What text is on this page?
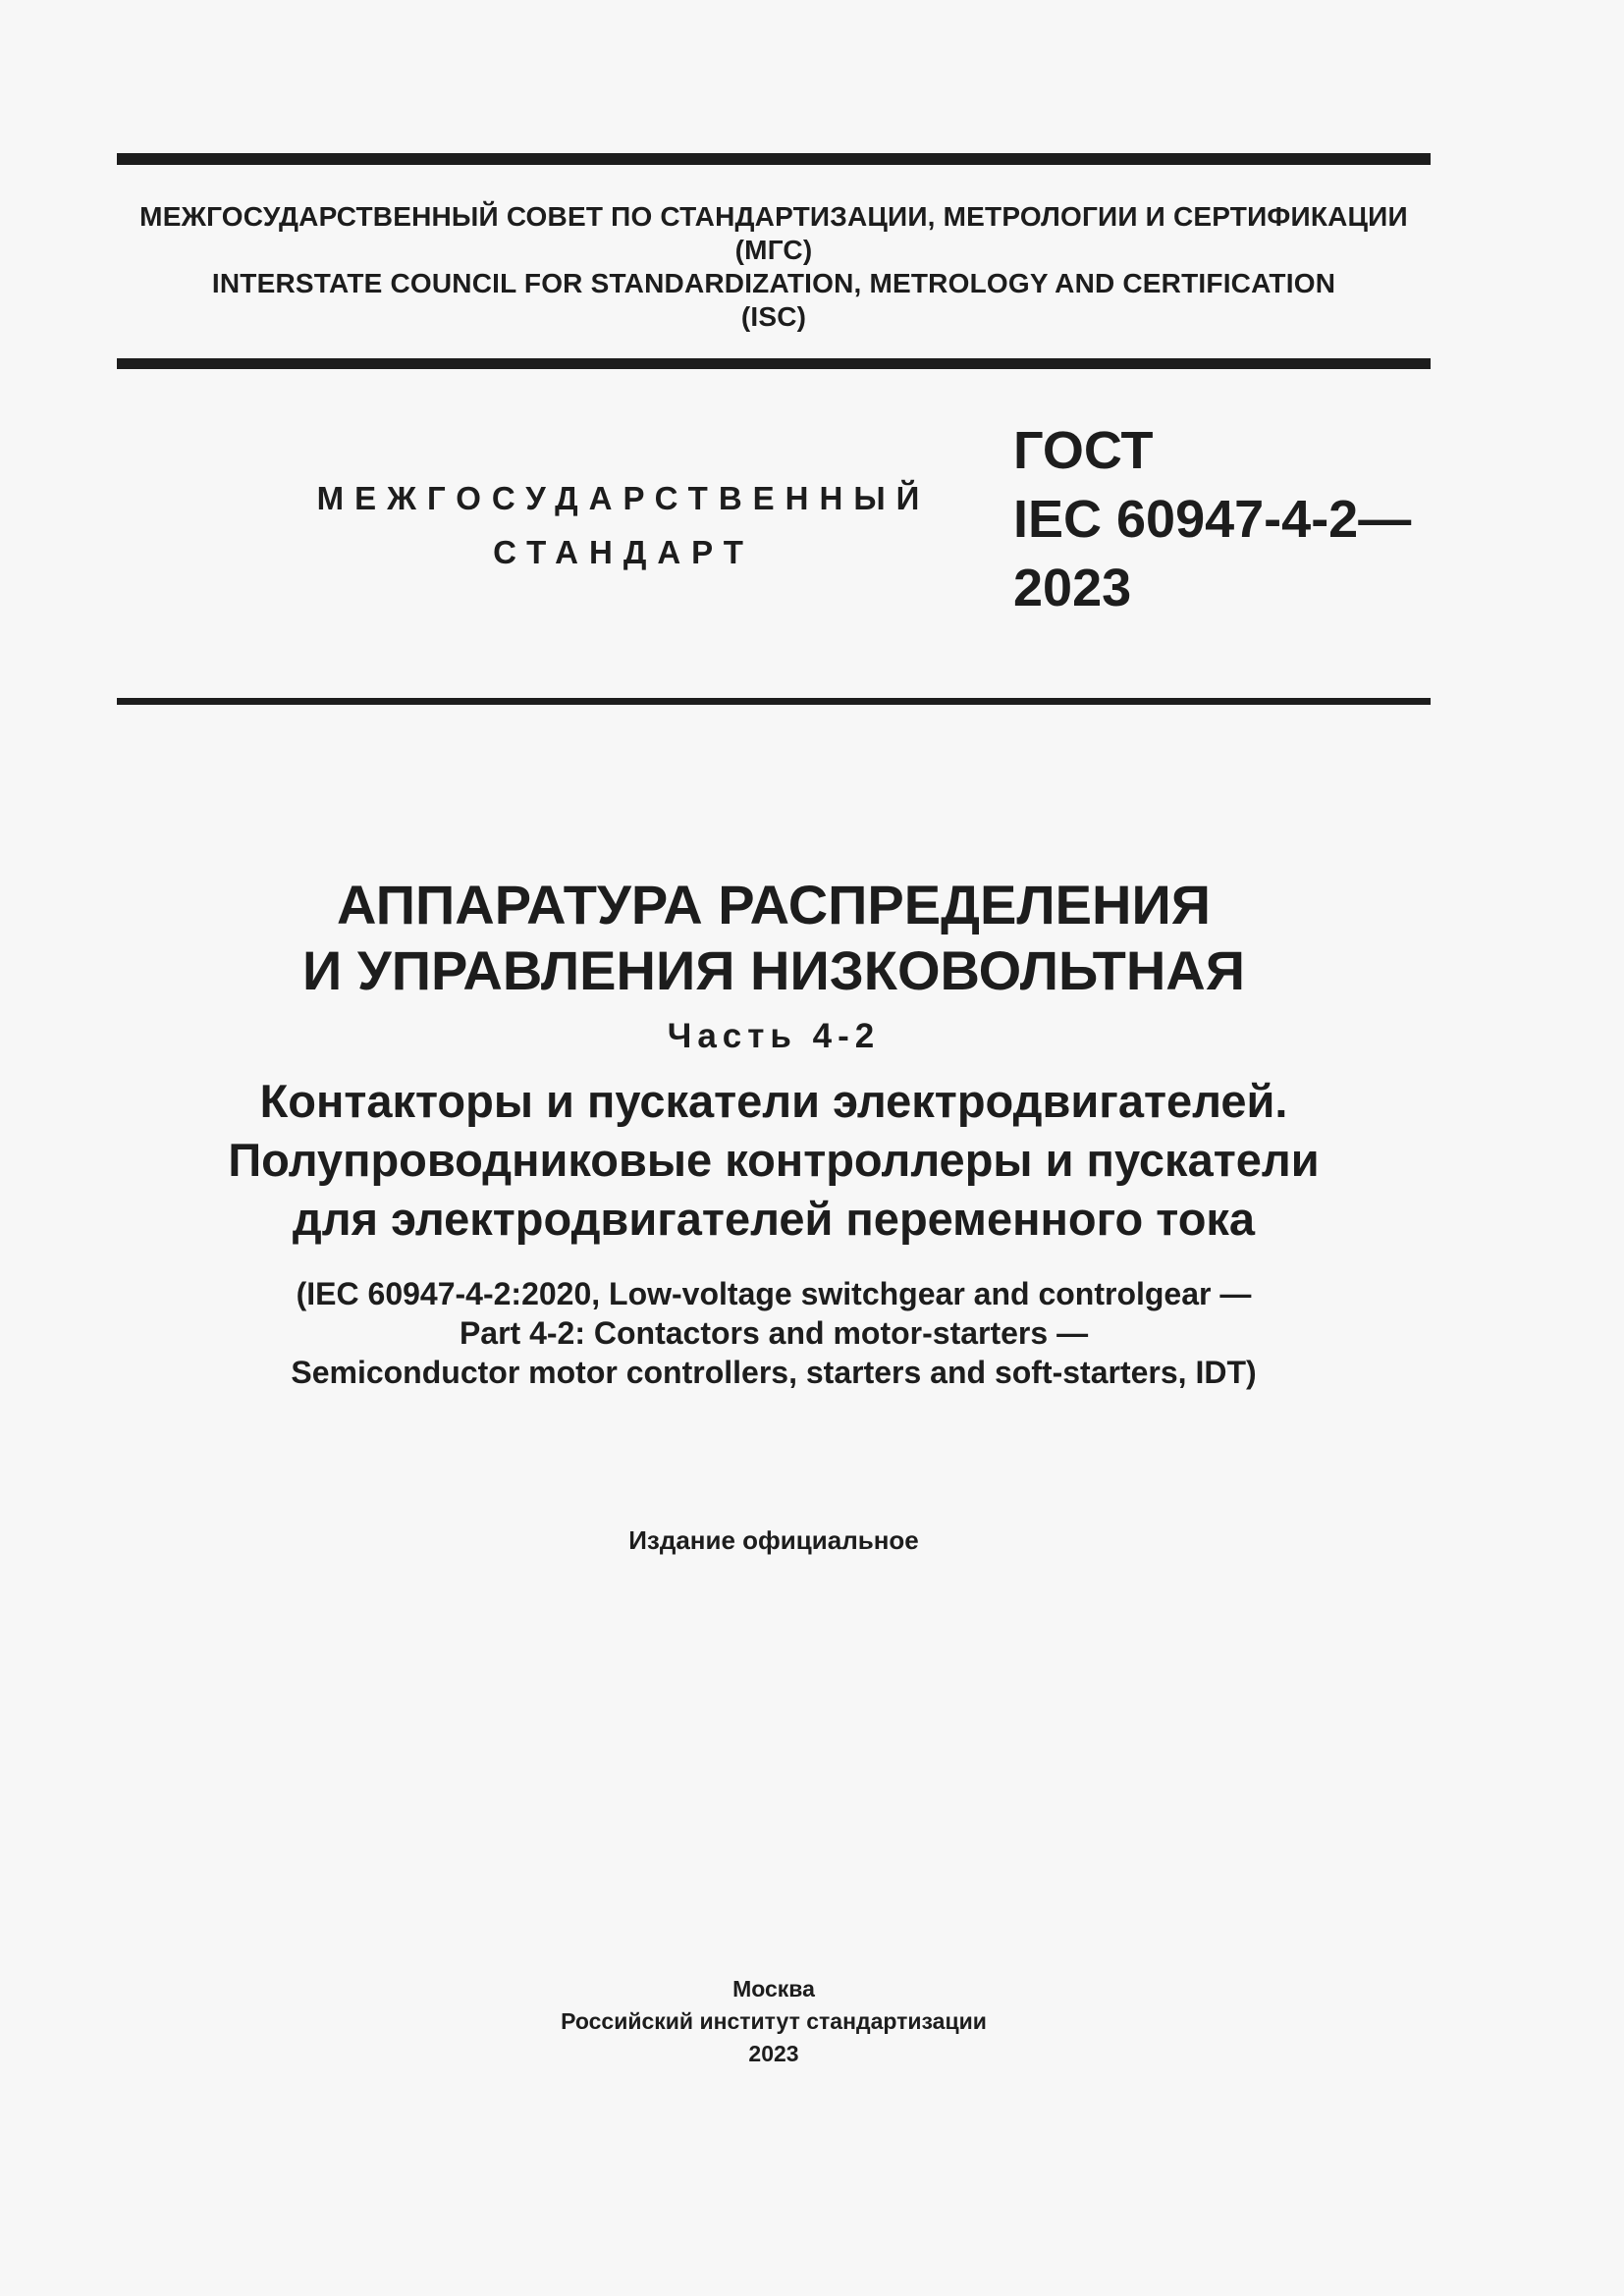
МЕЖГОСУДАРСТВЕННЫЙ СОВЕТ ПО СТАНДАРТИЗАЦИИ, МЕТРОЛОГИИ И СЕРТИФИКАЦИИ
(МГС)
INTERSTATE COUNCIL FOR STANDARDIZATION, METROLOGY AND CERTIFICATION
(ISC)
МЕЖГОСУДАРСТВЕННЫЙ
СТАНДАРТ
ГОСТ
IEC 60947-4-2—
2023
АППАРАТУРА РАСПРЕДЕЛЕНИЯ
И УПРАВЛЕНИЯ НИЗКОВОЛЬТНАЯ
Часть 4-2
Контакторы и пускатели электродвигателей.
Полупроводниковые контроллеры и пускатели
для электродвигателей переменного тока
(IEC 60947-4-2:2020, Low-voltage switchgear and controlgear —
Part 4-2: Contactors and motor-starters —
Semiconductor motor controllers, starters and soft-starters, IDT)
Издание официальное
Москва
Российский институт стандартизации
2023
